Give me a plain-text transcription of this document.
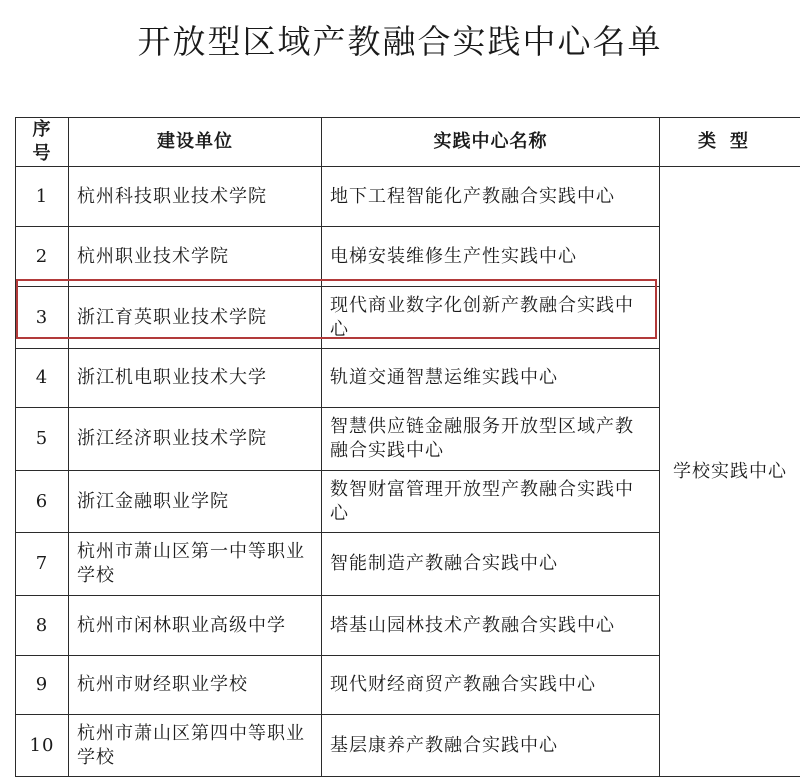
开放型区域产教融合实践中心名单
序号	建设单位	实践中心名称	类型
1	杭州科技职业技术学院	地下工程智能化产教融合实践中心	学校实践中心
2	杭州职业技术学院	电梯安装维修生产性实践中心	
3	浙江育英职业技术学院	现代商业数字化创新产教融合实践中心	
4	浙江机电职业技术大学	轨道交通智慧运维实践中心	
5	浙江经济职业技术学院	智慧供应链金融服务开放型区域产教融合实践中心	
6	浙江金融职业学院	数智财富管理开放型产教融合实践中心	
7	杭州市萧山区第一中等职业学校	智能制造产教融合实践中心	
8	杭州市闲林职业高级中学	塔基山园林技术产教融合实践中心	
9	杭州市财经职业学校	现代财经商贸产教融合实践中心	
10	杭州市萧山区第四中等职业学校	基层康养产教融合实践中心	
